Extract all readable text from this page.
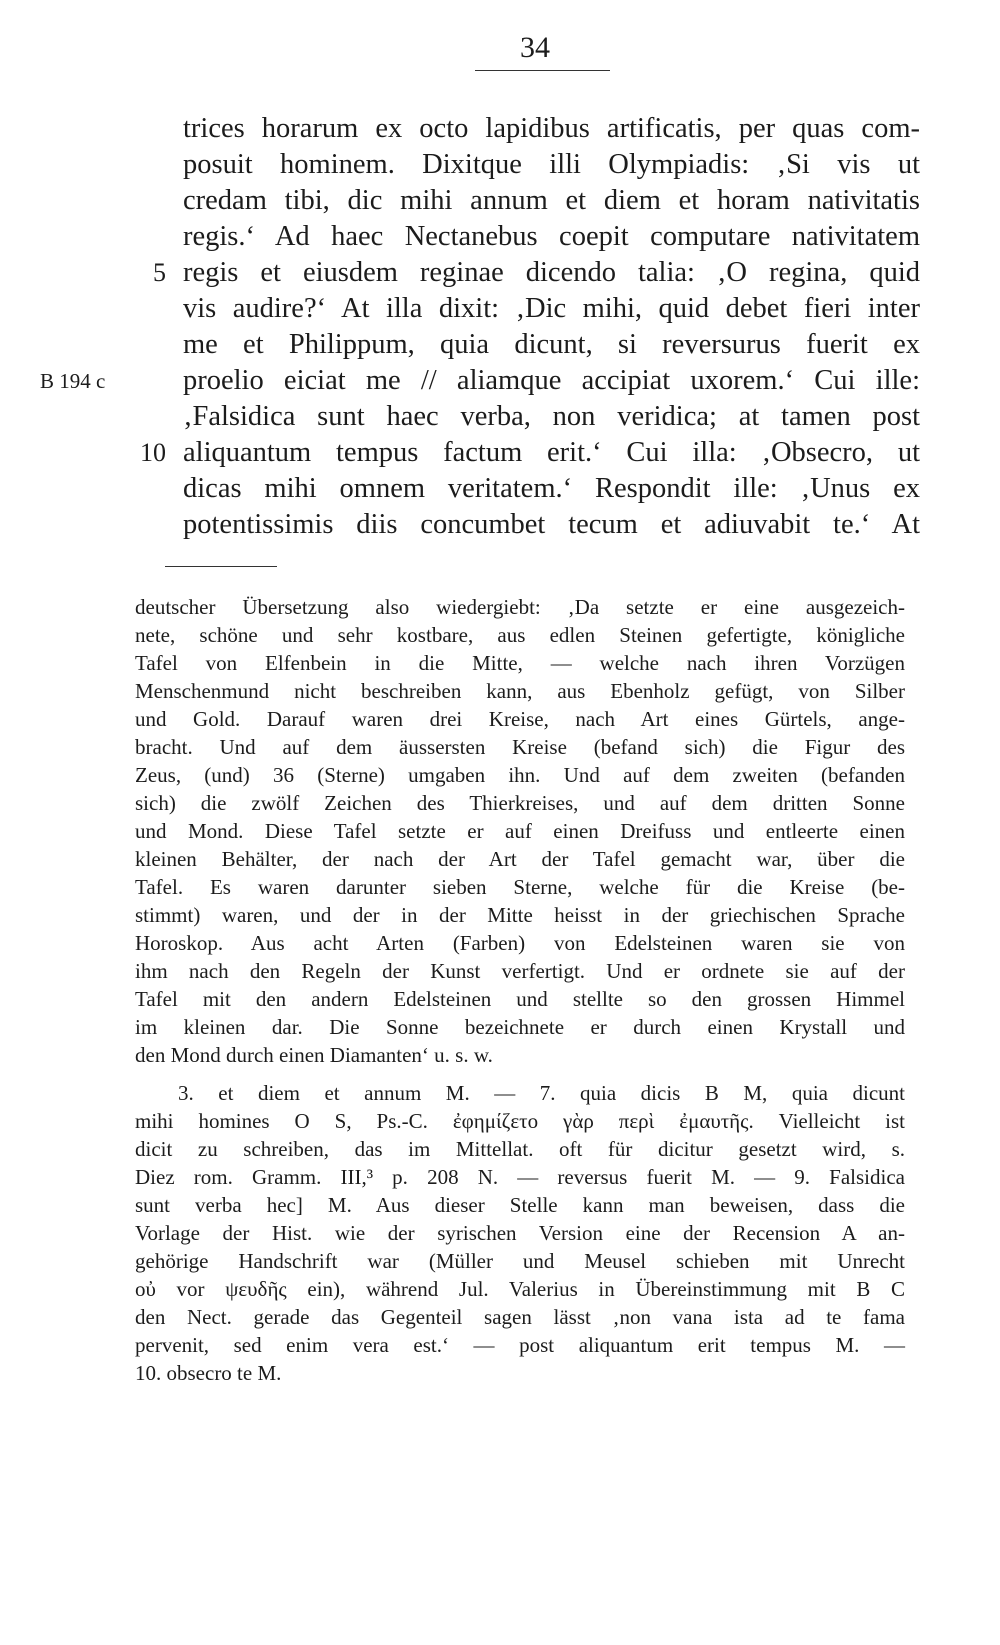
34
trices horarum ex octo lapidibus artificatis, per quas com-
posuit hominem. Dixitque illi Olympiadis: ‚Si vis ut
credam tibi, dic mihi annum et diem et horam nativitatis
regis.‘ Ad haec Nectanebus coepit computare nativitatem
5 regis et eiusdem reginae dicendo talia: ‚O regina, quid
vis audire?‘ At illa dixit: ‚Dic mihi, quid debet fieri inter
me et Philippum, quia dicunt, si reversurus fuerit ex
B 194 c	proelio eiciat me // aliamque accipiat uxorem.‘ Cui ille:
‚Falsidica sunt haec verba, non veridica; at tamen post
10 aliquantum tempus factum erit.‘ Cui illa: ‚Obsecro, ut
dicas mihi omnem veritatem.‘ Respondit ille: ‚Unus ex
potentissimis diis concumbet tecum et adiuvabit te.‘ At
deutscher Übersetzung also wiedergiebt: ‚Da setzte er eine ausgezeich-
nete, schöne und sehr kostbare, aus edlen Steinen gefertigte, königliche
Tafel von Elfenbein in die Mitte, — welche nach ihren Vorzügen
Menschenmund nicht beschreiben kann, aus Ebenholz gefügt, von Silber
und Gold. Darauf waren drei Kreise, nach Art eines Gürtels, ange-
bracht. Und auf dem äussersten Kreise (befand sich) die Figur des
Zeus, (und) 36 (Sterne) umgaben ihn. Und auf dem zweiten (befanden
sich) die zwölf Zeichen des Thierkreises, und auf dem dritten Sonne
und Mond. Diese Tafel setzte er auf einen Dreifuss und entleerte einen
kleinen Behälter, der nach der Art der Tafel gemacht war, über die
Tafel. Es waren darunter sieben Sterne, welche für die Kreise (be-
stimmt) waren, und der in der Mitte heisst in der griechischen Sprache
Horoskop. Aus acht Arten (Farben) von Edelsteinen waren sie von
ihm nach den Regeln der Kunst verfertigt. Und er ordnete sie auf der
Tafel mit den andern Edelsteinen und stellte so den grossen Himmel
im kleinen dar. Die Sonne bezeichnete er durch einen Krystall und
den Mond durch einen Diamanten‘ u. s. w.
3. et diem et annum M. — 7. quia dicis B M, quia dicunt
mihi homines O S, Ps.-C. ἐφημίζετο γὰρ περὶ ἐμαυτῆς. Vielleicht ist
dicit zu schreiben, das im Mittellat. oft für dicitur gesetzt wird, s.
Diez rom. Gramm. III,³ p. 208 N. — reversus fuerit M. — 9. Falsidica
sunt verba hec] M. Aus dieser Stelle kann man beweisen, dass die
Vorlage der Hist. wie der syrischen Version eine der Recension A an-
gehörige Handschrift war (Müller und Meusel schieben mit Unrecht
οὐ vor ψευδῆς ein), während Jul. Valerius in Übereinstimmung mit B C
den Nect. gerade das Gegenteil sagen lässt ‚non vana ista ad te fama
pervenit, sed enim vera est.‘ — post aliquantum erit tempus M. —
10. obsecro te M.
